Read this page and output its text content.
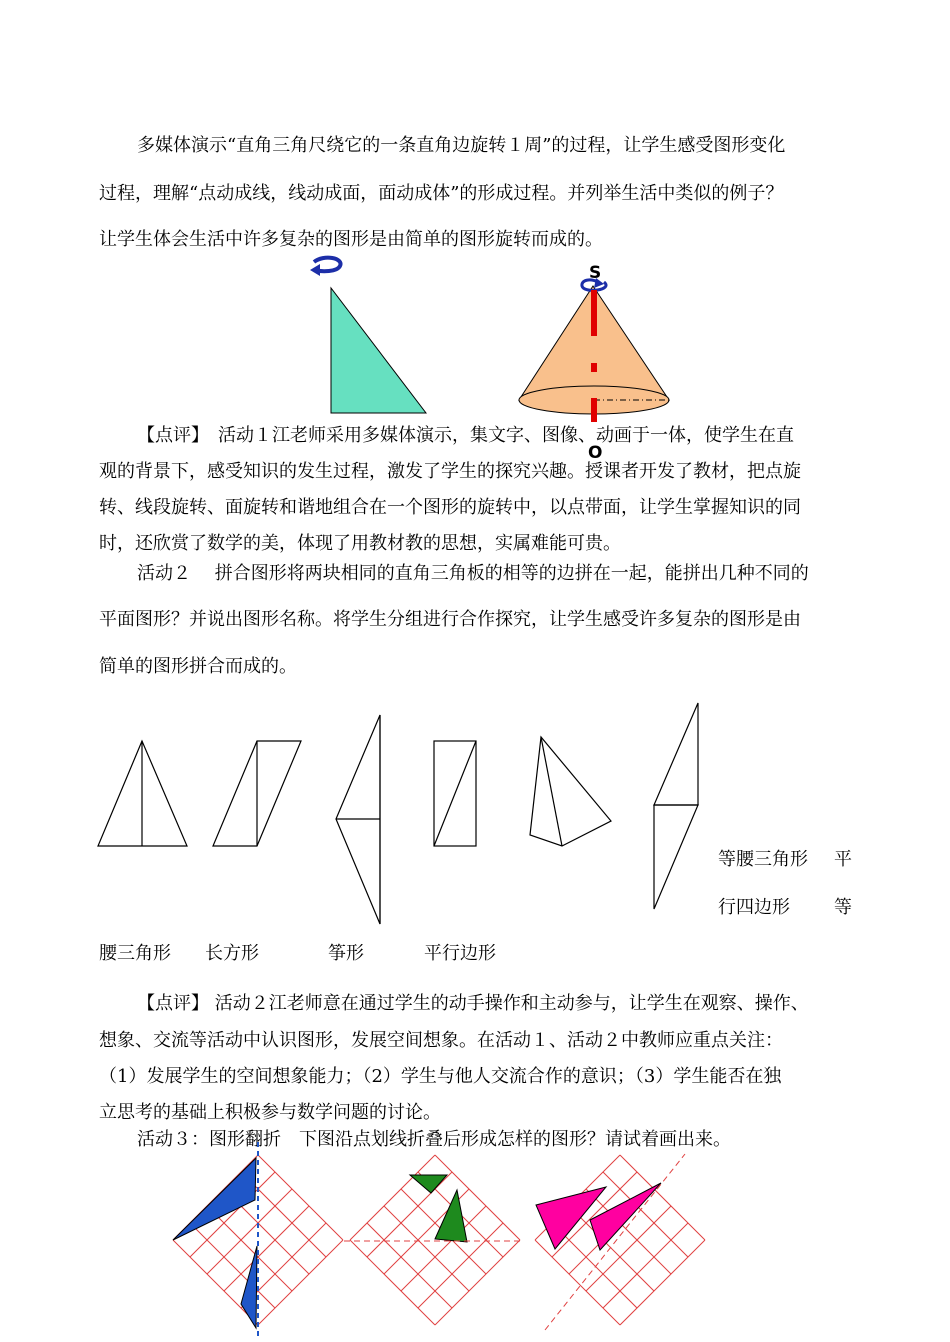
多媒体演示“直角三角尺绕它的一条直角边旋转１周”的过程，让学生感受图形变化
过程，理解“点动成线，线动成面，面动成体”的形成过程。并列举生活中类似的例子？
让学生体会生活中许多复杂的图形是由简单的图形旋转而成的。
S
O
【点评】　活动１江老师采用多媒体演示，集文字、图像、动画于一体，使学生在直
观的背景下，感受知识的发生过程，激发了学生的探究兴趣。授课者开发了教材，把点旋
转、线段旋转、面旋转和谐地组合在一个图形的旋转中，以点带面，让学生掌握知识的同
时，还欣赏了数学的美，体现了用教材教的思想，实属难能可贵。
活动２　 拼合图形将两块相同的直角三角板的相等的边拼在一起，能拼出几种不同的
平面图形？并说出图形名称。将学生分组进行合作探究，让学生感受许多复杂的图形是由
简单的图形拼合而成的。
等腰三角形 平
行四边形 等
腰三角形 长方形	筝形	平行边形
【点评】 活动２江老师意在通过学生的动手操作和主动参与，让学生在观察、操作、
想象、交流等活动中认识图形，发展空间想象。在活动１、活动２中教师应重点关注：
（1）发展学生的空间想象能力；（2）学生与他人交流合作的意识；（3）学生能否在独
立思考的基础上积极参与数学问题的讨论。
活动３：图形翻折　下图沿点划线折叠后形成怎样的图形？请试着画出来。
